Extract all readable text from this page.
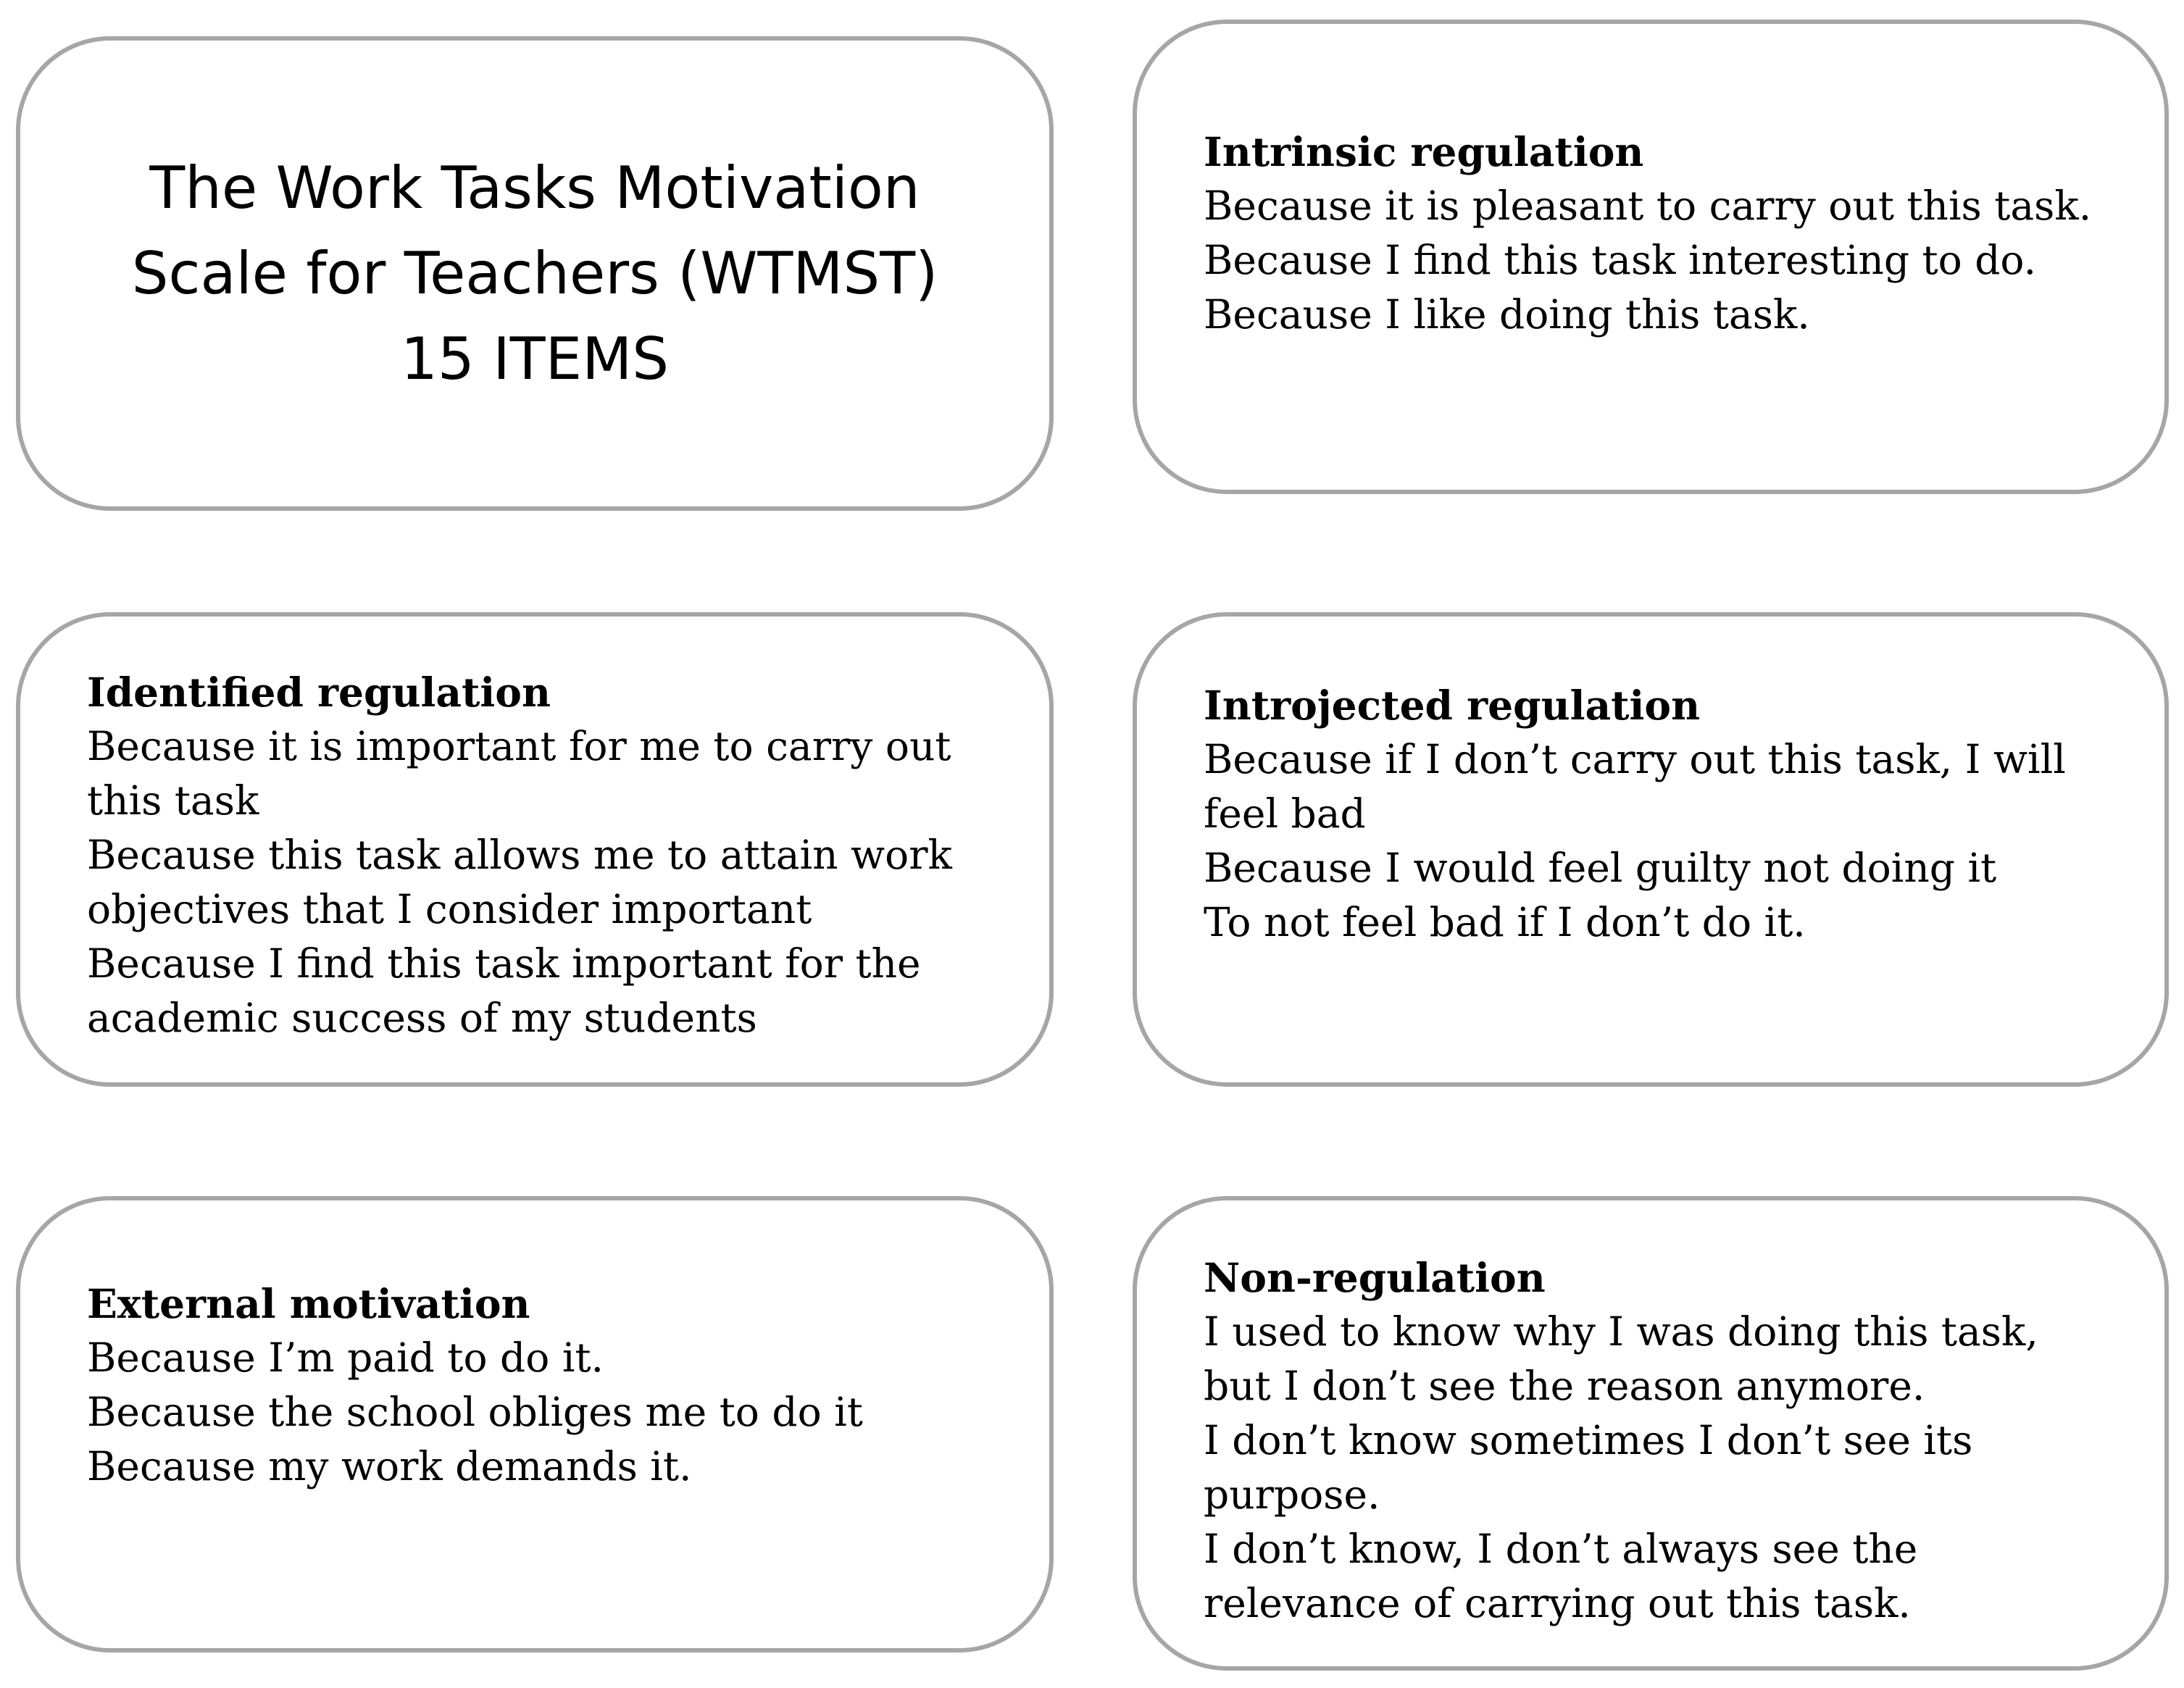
The Work Tasks Motivation
Scale for Teachers (WTMST)
15 ITEMS
Intrinsic regulation
Because it is pleasant to carry out this task.
Because I find this task interesting to do.
Because I like doing this task.
Identified regulation
Because it is important for me to carry out
this task
Because this task allows me to attain work
objectives that I consider important
Because I find this task important for the
academic success of my students
Introjected regulation
Because if I don’t carry out this task, I will
feel bad
Because I would feel guilty not doing it
To not feel bad if I don’t do it.
External motivation
Because I’m paid to do it.
Because the school obliges me to do it
Because my work demands it.
Non-regulation
I used to know why I was doing this task,
but I don’t see the reason anymore.
I don’t know sometimes I don’t see its
purpose.
I don’t know, I don’t always see the
relevance of carrying out this task.
